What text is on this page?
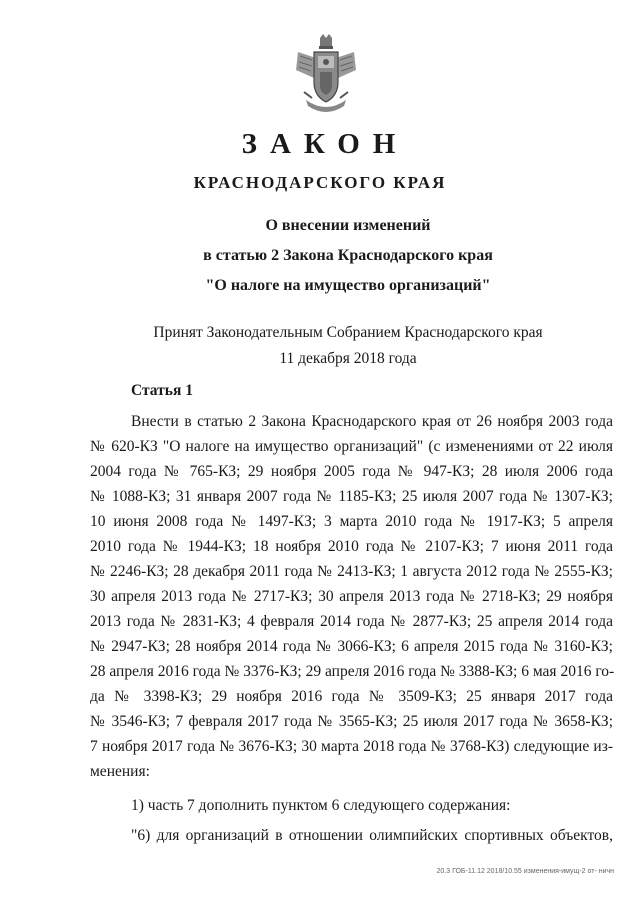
ЗАКОН
КРАСНОДАРСКОГО КРАЯ
О внесении изменений
в статью 2 Закона Краснодарского края
"О налоге на имущество организаций"
Принят Законодательным Собранием Краснодарского края
11 декабря 2018 года
Статья 1
Внести в статью 2 Закона Краснодарского края от 26 ноября 2003 года
№ 620-КЗ "О налоге на имущество организаций" (с изменениями от 22 июля
2004 года № 765-КЗ; 29 ноября 2005 года № 947-КЗ; 28 июля 2006 года
№ 1088-КЗ; 31 января 2007 года № 1185-КЗ; 25 июля 2007 года № 1307-КЗ;
10 июня 2008 года № 1497-КЗ; 3 марта 2010 года № 1917-КЗ; 5 апреля
2010 года № 1944-КЗ; 18 ноября 2010 года № 2107-КЗ; 7 июня 2011 года
№ 2246-КЗ; 28 декабря 2011 года № 2413-КЗ; 1 августа 2012 года № 2555-КЗ;
30 апреля 2013 года № 2717-КЗ; 30 апреля 2013 года № 2718-КЗ; 29 ноября
2013 года № 2831-КЗ; 4 февраля 2014 года № 2877-КЗ; 25 апреля 2014 года
№ 2947-КЗ; 28 ноября 2014 года № 3066-КЗ; 6 апреля 2015 года № 3160-КЗ;
28 апреля 2016 года № 3376-КЗ; 29 апреля 2016 года № 3388-КЗ; 6 мая 2016 го-
да № 3398-КЗ; 29 ноября 2016 года № 3509-КЗ; 25 января 2017 года
№ 3546-КЗ; 7 февраля 2017 года № 3565-КЗ; 25 июля 2017 года № 3658-КЗ;
7 ноября 2017 года № 3676-КЗ; 30 марта 2018 года № 3768-КЗ) следующие из-
менения:
1) часть 7 дополнить пунктом 6 следующего содержания:
"6) для организаций в отношении олимпийских спортивных объектов,
20.3 ГОБ-11.12 2018/10.55 изменения-имущ-2 от- ничн
